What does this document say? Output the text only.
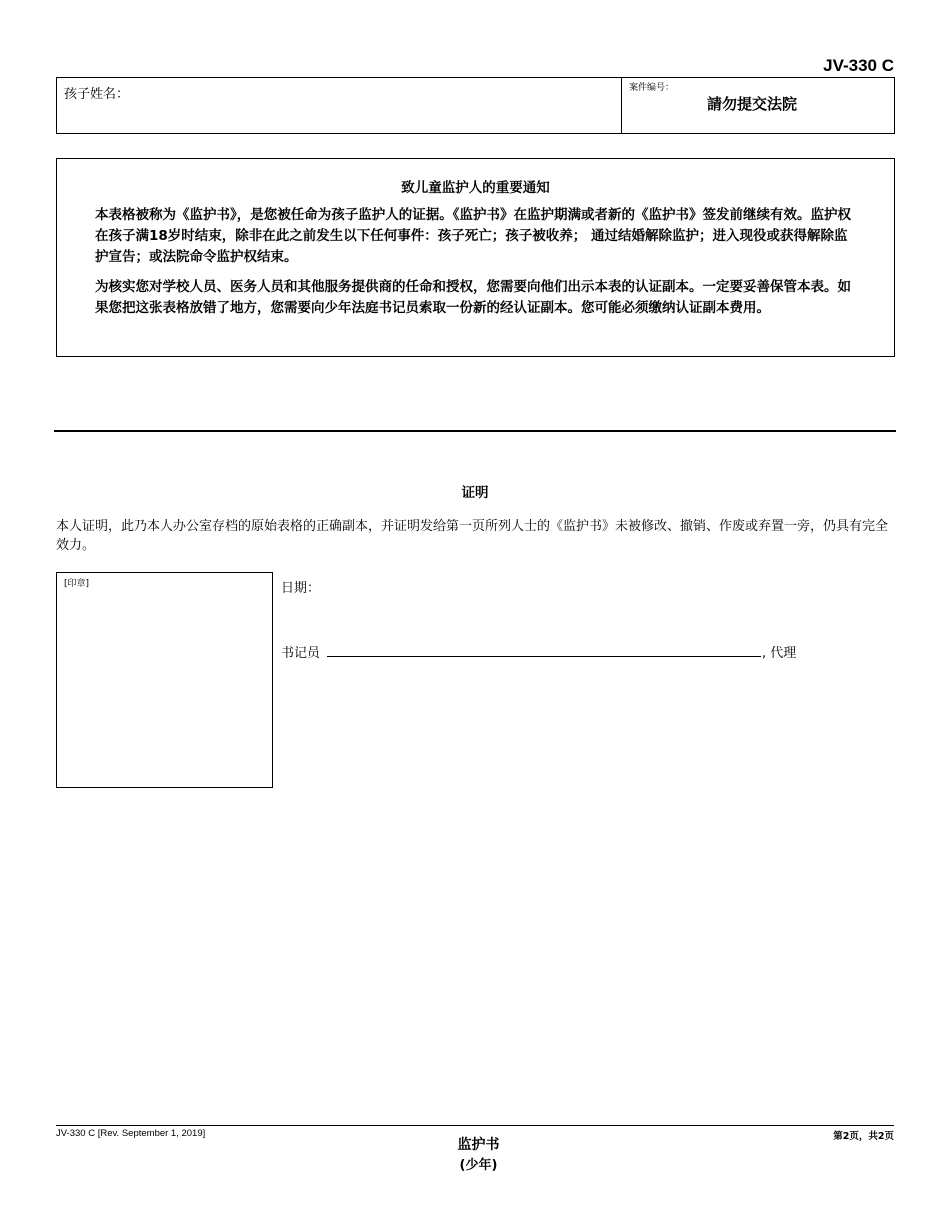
JV-330 C
孩子姓名：	案件编号：
請勿提交法院
致儿童监护人的重要通知
本表格被称为《监护书》，是您被任命为孩子监护人的证据。《监护书》在监护期满或者新的《监护书》签发前继续有效。监护权在孩子满18岁时结束，除非在此之前发生以下任何事件：孩子死亡；孩子被收养； 通过结婚解除监护；进入现役或获得解除监护宣告；或法院命令监护权结束。
为核实您对学校人员、医务人员和其他服务提供商的任命和授权，您需要向他们出示本表的认证副本。一定要妥善保管本表。如果您把这张表格放错了地方，您需要向少年法庭书记员索取一份新的经认证副本。您可能必须缴纳认证副本费用。
证明
本人证明，此乃本人办公室存档的原始表格的正确副本，并证明发给第一页所列人士的《监护书》未被修改、撤销、作废或弃置一旁，仍具有完全效力。
[印章]	日期：
书记员	, 代理
JV-330 C [Rev. September 1, 2019]
监护书
(少年)
第2页，共2页
